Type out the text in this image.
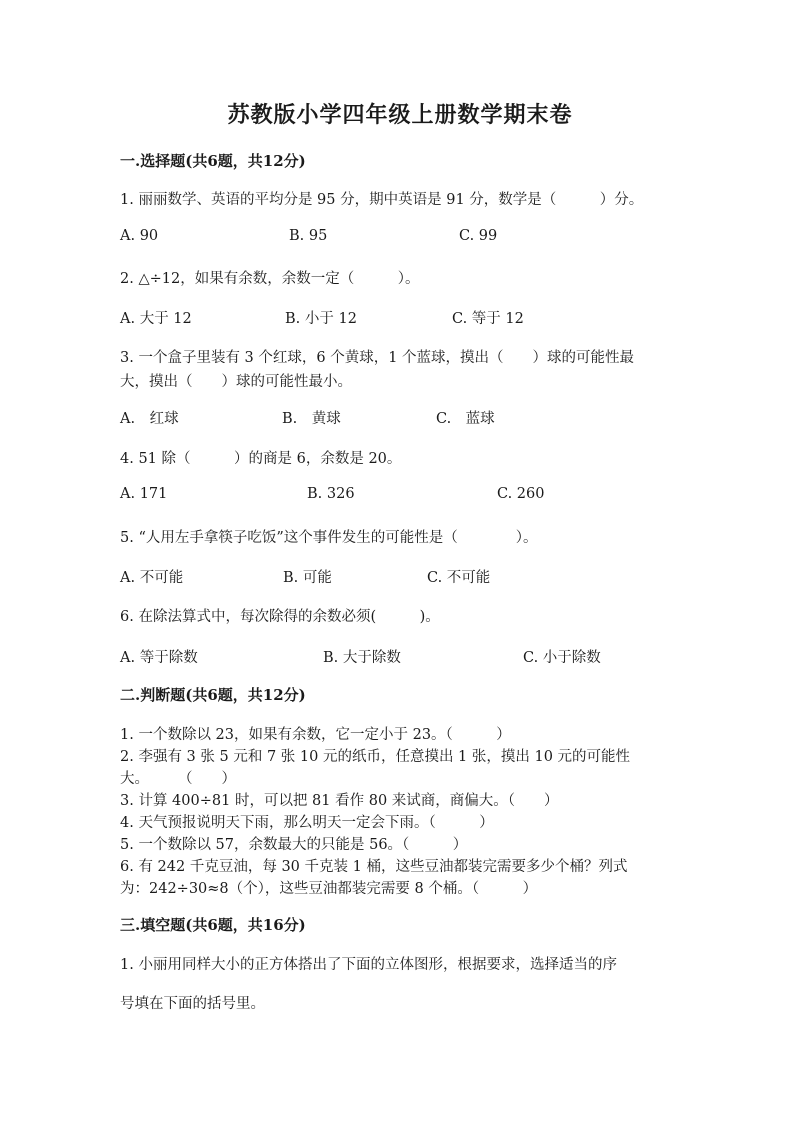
苏教版小学四年级上册数学期末卷
一.选择题(共6题，共12分)
1. 丽丽数学、英语的平均分是 95 分，期中英语是 91 分，数学是（　　　）分。
A. 90	B. 95	C. 99
2. △÷12，如果有余数，余数一定（　　　）。
A. 大于 12	B. 小于 12	C. 等于 12
3. 一个盒子里装有 3 个红球，6 个黄球，1 个蓝球，摸出（　　）球的可能性最
大，摸出（　　）球的可能性最小。
A.　红球	B.　黄球	C.　蓝球
4. 51 除（　　　）的商是 6，余数是 20。
A. 171	B. 326	C. 260
5. “人用左手拿筷子吃饭”这个事件发生的可能性是（　　　　）。
A. 不可能	B. 可能	C. 不可能
6. 在除法算式中，每次除得的余数必须(　　　)。
A. 等于除数	B. 大于除数	C. 小于除数
二.判断题(共6题，共12分)
1. 一个数除以 23，如果有余数，它一定小于 23。（　　　）
2. 李强有 3 张 5 元和 7 张 10 元的纸币，任意摸出 1 张，摸出 10 元的可能性
大。　　　（　　）
3. 计算 400÷81 时，可以把 81 看作 80 来试商，商偏大。（　　）
4. 天气预报说明天下雨，那么明天一定会下雨。（　　　）
5. 一个数除以 57，余数最大的只能是 56。（　　　）
6. 有 242 千克豆油，每 30 千克装 1 桶，这些豆油都装完需要多少个桶？列式
为：242÷30≈8（个），这些豆油都装完需要 8 个桶。（　　　）
三.填空题(共6题，共16分)
1. 小丽用同样大小的正方体搭出了下面的立体图形，根据要求，选择适当的序
号填在下面的括号里。
